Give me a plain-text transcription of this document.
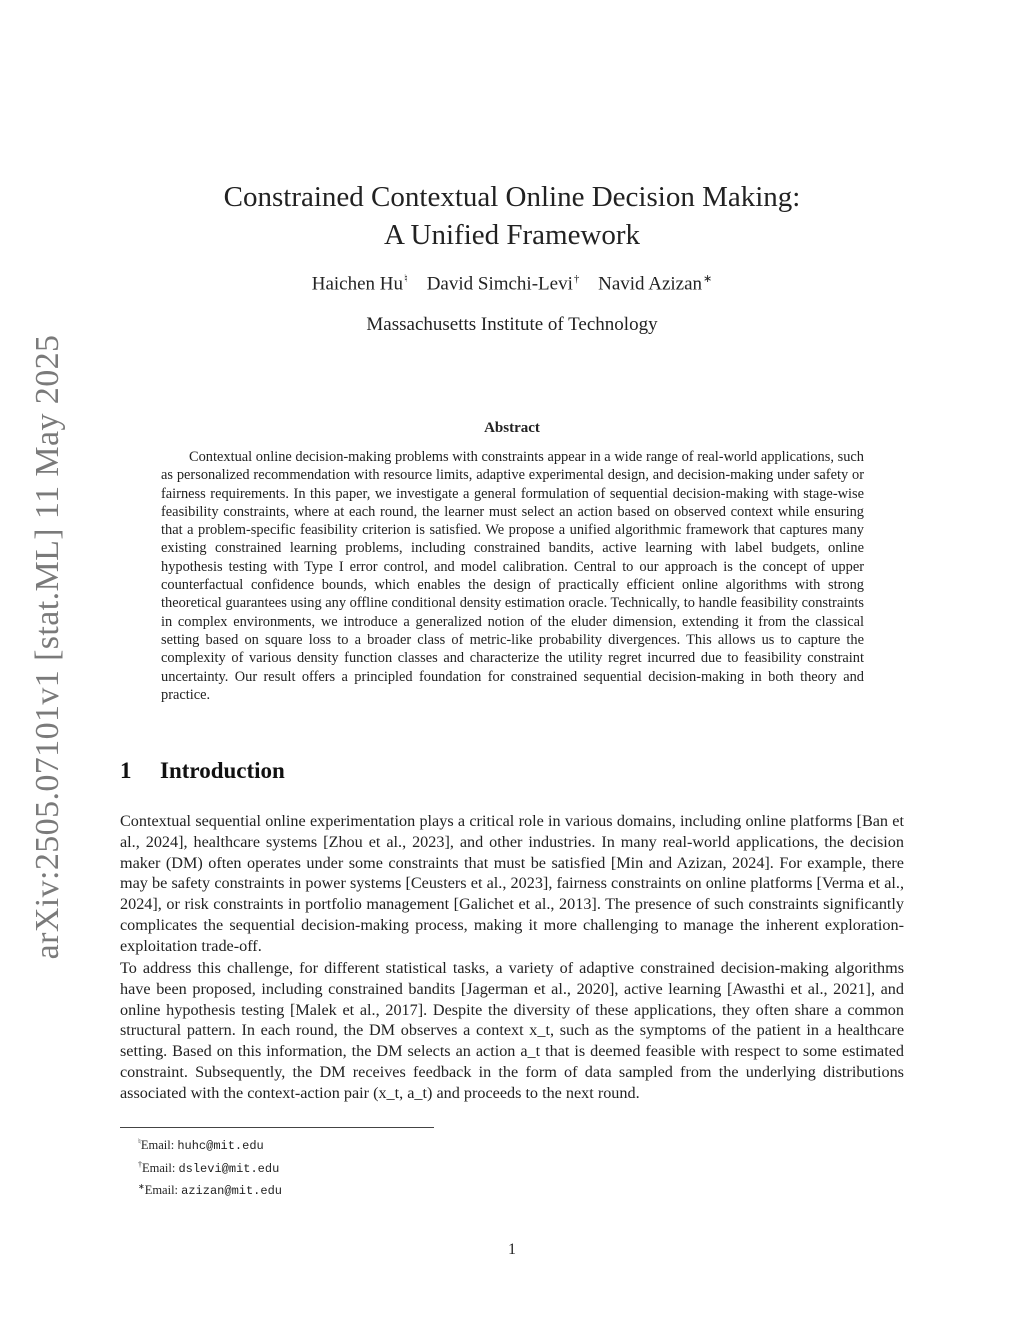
arXiv:2505.07101v1 [stat.ML] 11 May 2025
Constrained Contextual Online Decision Making:
A Unified Framework
Haichen Hu♮ David Simchi-Levi† Navid Azizan∗
Massachusetts Institute of Technology
Abstract
Contextual online decision-making problems with constraints appear in a wide range of real-world applications, such as personalized recommendation with resource limits, adaptive experimental design, and decision-making under safety or fairness requirements. In this paper, we investigate a general formulation of sequential decision-making with stage-wise feasibility constraints, where at each round, the learner must select an action based on observed context while ensuring that a problem-specific feasibility criterion is satisfied. We propose a unified algorithmic framework that captures many existing constrained learning problems, including constrained bandits, active learning with label budgets, online hypothesis testing with Type I error control, and model calibration. Central to our approach is the concept of upper counterfactual confidence bounds, which enables the design of practically efficient online algorithms with strong theoretical guarantees using any offline conditional density estimation oracle. Technically, to handle feasibility constraints in complex environments, we introduce a generalized notion of the eluder dimension, extending it from the classical setting based on square loss to a broader class of metric-like probability divergences. This allows us to capture the complexity of various density function classes and characterize the utility regret incurred due to feasibility constraint uncertainty. Our result offers a principled foundation for constrained sequential decision-making in both theory and practice.
1 Introduction
Contextual sequential online experimentation plays a critical role in various domains, including online platforms [Ban et al., 2024], healthcare systems [Zhou et al., 2023], and other industries. In many real-world applications, the decision maker (DM) often operates under some constraints that must be satisfied [Min and Azizan, 2024]. For example, there may be safety constraints in power systems [Ceusters et al., 2023], fairness constraints on online platforms [Verma et al., 2024], or risk constraints in portfolio management [Galichet et al., 2013]. The presence of such constraints significantly complicates the sequential decision-making process, making it more challenging to manage the inherent exploration-exploitation trade-off.
To address this challenge, for different statistical tasks, a variety of adaptive constrained decision-making algorithms have been proposed, including constrained bandits [Jagerman et al., 2020], active learning [Awasthi et al., 2021], and online hypothesis testing [Malek et al., 2017]. Despite the diversity of these applications, they often share a common structural pattern. In each round, the DM observes a context x_t, such as the symptoms of the patient in a healthcare setting. Based on this information, the DM selects an action a_t that is deemed feasible with respect to some estimated constraint. Subsequently, the DM receives feedback in the form of data sampled from the underlying distributions associated with the context-action pair (x_t, a_t) and proceeds to the next round.
♮Email: huhc@mit.edu
†Email: dslevi@mit.edu
∗Email: azizan@mit.edu
1
